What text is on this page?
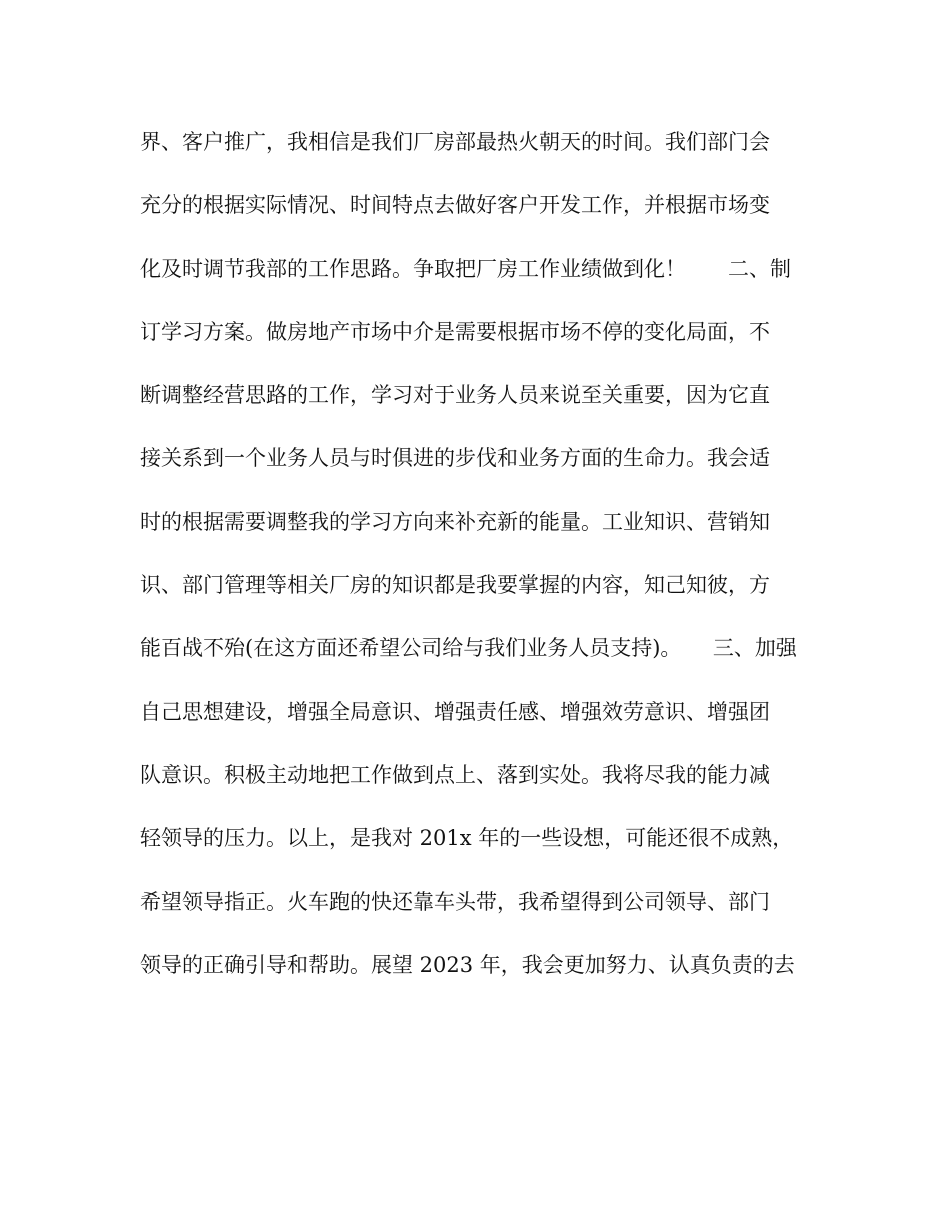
界、客户推广，我相信是我们厂房部最热火朝天的时间。我们部门会
充分的根据实际情况、时间特点去做好客户开发工作，并根据市场变
化及时调节我部的工作思路。争取把厂房工作业绩做到化！　　二、制
订学习方案。做房地产市场中介是需要根据市场不停的变化局面，不
断调整经营思路的工作，学习对于业务人员来说至关重要，因为它直
接关系到一个业务人员与时俱进的步伐和业务方面的生命力。我会适
时的根据需要调整我的学习方向来补充新的能量。工业知识、营销知
识、部门管理等相关厂房的知识都是我要掌握的内容，知己知彼，方
能百战不殆(在这方面还希望公司给与我们业务人员支持)。　　三、加强
自己思想建设，增强全局意识、增强责任感、增强效劳意识、增强团
队意识。积极主动地把工作做到点上、落到实处。我将尽我的能力减
轻领导的压力。以上，是我对 201x 年的一些设想，可能还很不成熟，
希望领导指正。火车跑的快还靠车头带，我希望得到公司领导、部门
领导的正确引导和帮助。展望 2023 年，我会更加努力、认真负责的去
